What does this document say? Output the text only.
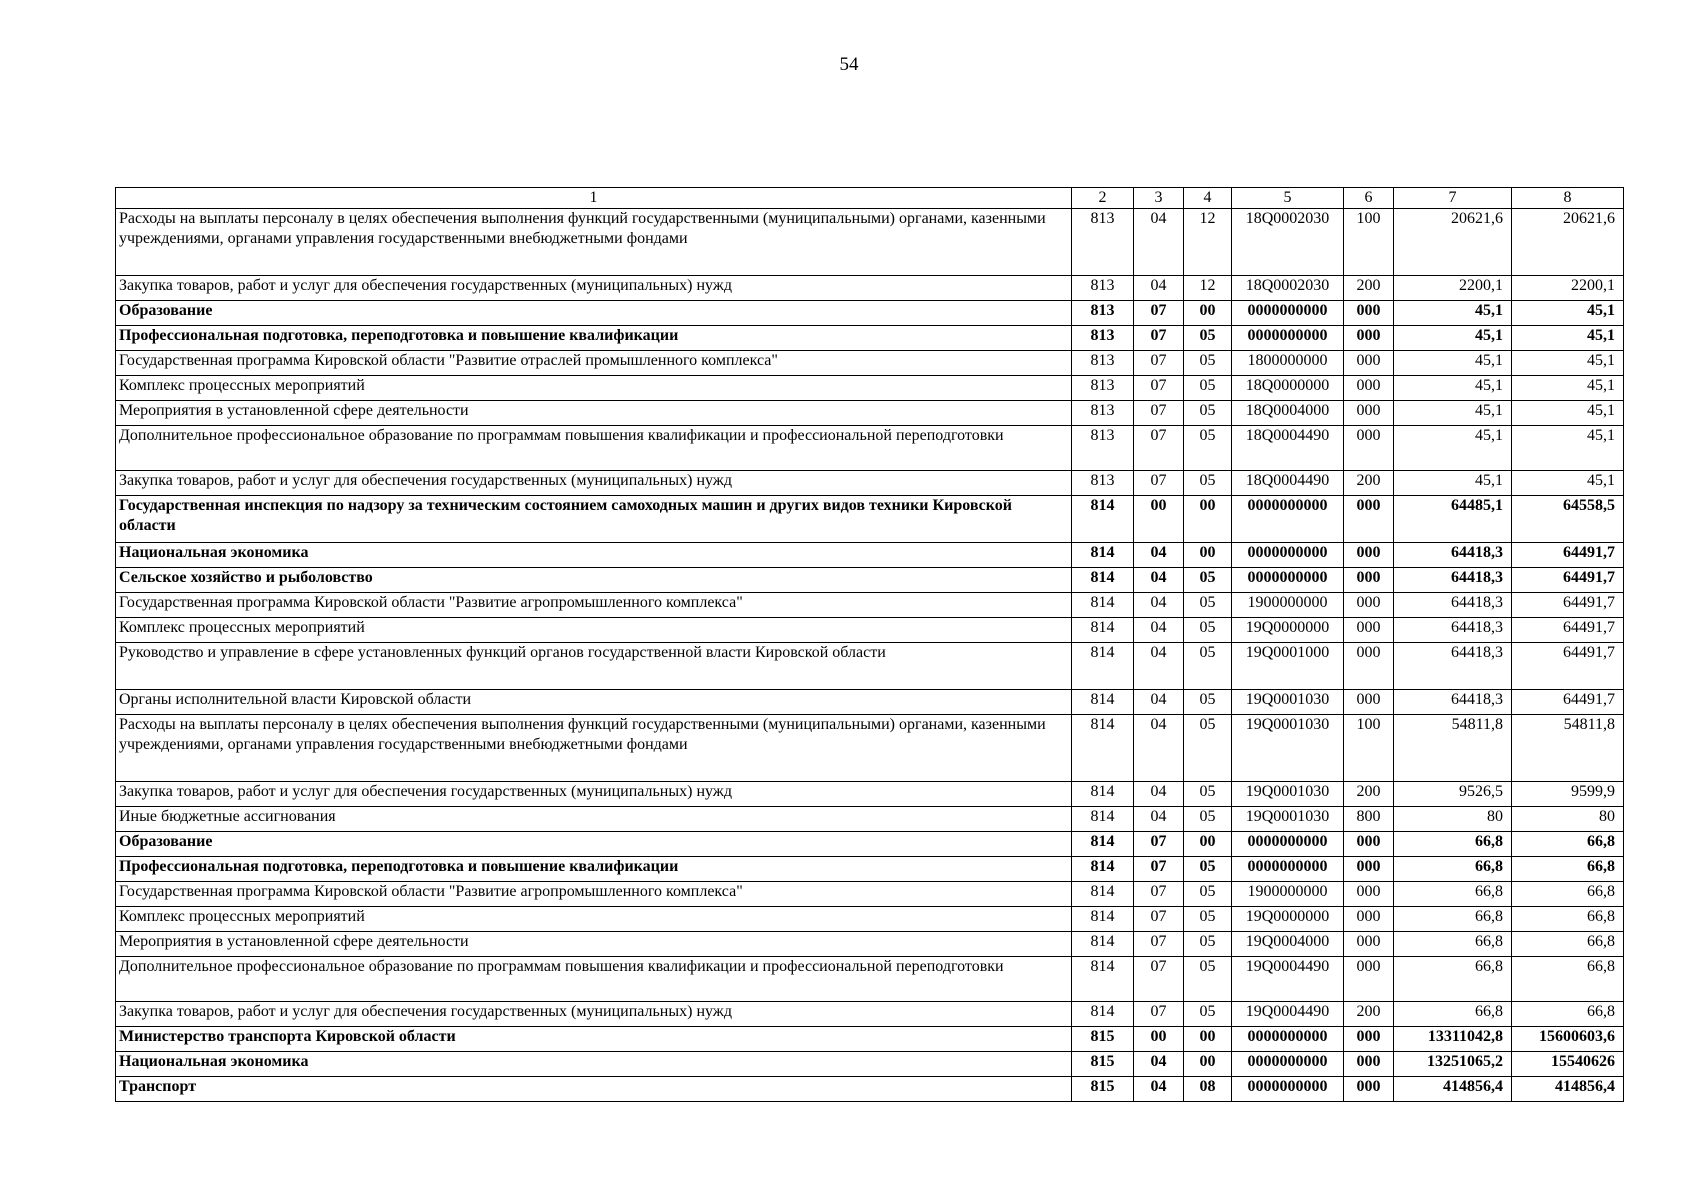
54
1	2	3	4	5	6	7	8
Расходы на выплаты персоналу в целях обеспечения выполнения функций государственными (муниципальными) органами, казенными учреждениями, органами управления государственными внебюджетными фондами	813	04	12	18Q0002030	100	20621,6	20621,6
Закупка товаров, работ и услуг для обеспечения государственных (муниципальных) нужд	813	04	12	18Q0002030	200	2200,1	2200,1
Образование	813	07	00	0000000000	000	45,1	45,1
Профессиональная подготовка, переподготовка и повышение квалификации	813	07	05	0000000000	000	45,1	45,1
Государственная программа Кировской области "Развитие отраслей промышленного комплекса"	813	07	05	1800000000	000	45,1	45,1
Комплекс процессных мероприятий	813	07	05	18Q0000000	000	45,1	45,1
Мероприятия в установленной сфере деятельности	813	07	05	18Q0004000	000	45,1	45,1
Дополнительное профессиональное образование по программам повышения квалификации и профессиональной переподготовки	813	07	05	18Q0004490	000	45,1	45,1
Закупка товаров, работ и услуг для обеспечения государственных (муниципальных) нужд	813	07	05	18Q0004490	200	45,1	45,1
Государственная инспекция по надзору за техническим состоянием самоходных машин и других видов техники Кировской области	814	00	00	0000000000	000	64485,1	64558,5
Национальная экономика	814	04	00	0000000000	000	64418,3	64491,7
Сельское хозяйство и рыболовство	814	04	05	0000000000	000	64418,3	64491,7
Государственная программа Кировской области "Развитие агропромышленного комплекса"	814	04	05	1900000000	000	64418,3	64491,7
Комплекс процессных мероприятий	814	04	05	19Q0000000	000	64418,3	64491,7
Руководство и управление в сфере установленных функций органов государственной власти Кировской области	814	04	05	19Q0001000	000	64418,3	64491,7
Органы исполнительной власти Кировской области	814	04	05	19Q0001030	000	64418,3	64491,7
Расходы на выплаты персоналу в целях обеспечения выполнения функций государственными (муниципальными) органами, казенными учреждениями, органами управления государственными внебюджетными фондами	814	04	05	19Q0001030	100	54811,8	54811,8
Закупка товаров, работ и услуг для обеспечения государственных (муниципальных) нужд	814	04	05	19Q0001030	200	9526,5	9599,9
Иные бюджетные ассигнования	814	04	05	19Q0001030	800	80	80
Образование	814	07	00	0000000000	000	66,8	66,8
Профессиональная подготовка, переподготовка и повышение квалификации	814	07	05	0000000000	000	66,8	66,8
Государственная программа Кировской области "Развитие агропромышленного комплекса"	814	07	05	1900000000	000	66,8	66,8
Комплекс процессных мероприятий	814	07	05	19Q0000000	000	66,8	66,8
Мероприятия в установленной сфере деятельности	814	07	05	19Q0004000	000	66,8	66,8
Дополнительное профессиональное образование по программам повышения квалификации и профессиональной переподготовки	814	07	05	19Q0004490	000	66,8	66,8
Закупка товаров, работ и услуг для обеспечения государственных (муниципальных) нужд	814	07	05	19Q0004490	200	66,8	66,8
Министерство транспорта Кировской области	815	00	00	0000000000	000	13311042,8	15600603,6
Национальная экономика	815	04	00	0000000000	000	13251065,2	15540626
Транспорт	815	04	08	0000000000	000	414856,4	414856,4
